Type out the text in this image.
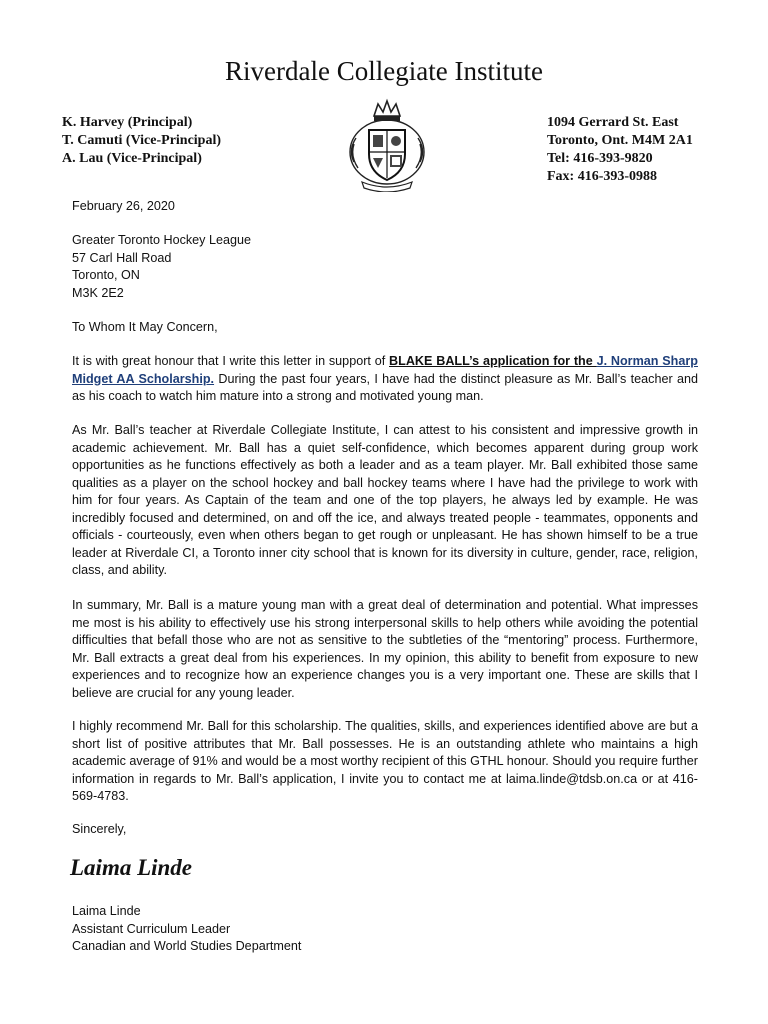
Riverdale Collegiate Institute
K. Harvey (Principal)
T. Camuti (Vice-Principal)
A. Lau (Vice-Principal)
1094 Gerrard St. East
Toronto, Ont. M4M 2A1
Tel: 416-393-9820
Fax: 416-393-0988
February 26, 2020
Greater Toronto Hockey League
57 Carl Hall Road
Toronto, ON
M3K 2E2
To Whom It May Concern,

It is with great honour that I write this letter in support of BLAKE BALL’s application for the J. Norman Sharp Midget AA Scholarship. During the past four years, I have had the distinct pleasure as Mr. Ball’s teacher and as his coach to watch him mature into a strong and motivated young man.

As Mr. Ball’s teacher at Riverdale Collegiate Institute, I can attest to his consistent and impressive growth in academic achievement. Mr. Ball has a quiet self-confidence, which becomes apparent during group work opportunities as he functions effectively as both a leader and as a team player. Mr. Ball exhibited those same qualities as a player on the school hockey and ball hockey teams where I have had the privilege to work with him for four years. As Captain of the team and one of the top players, he always led by example. He was incredibly focused and determined, on and off the ice, and always treated people - teammates, opponents and officials - courteously, even when others began to get rough or unpleasant. He has shown himself to be a true leader at Riverdale CI, a Toronto inner city school that is known for its diversity in culture, gender, race, religion, class, and ability.

In summary, Mr. Ball is a mature young man with a great deal of determination and potential. What impresses me most is his ability to effectively use his strong interpersonal skills to help others while avoiding the potential difficulties that befall those who are not as sensitive to the subtleties of the “mentoring” process. Furthermore, Mr. Ball extracts a great deal from his experiences. In my opinion, this ability to benefit from exposure to new experiences and to recognize how an experience changes you is a very important one. These are skills that I believe are crucial for any young leader.

I highly recommend Mr. Ball for this scholarship. The qualities, skills, and experiences identified above are but a short list of positive attributes that Mr. Ball possesses. He is an outstanding athlete who maintains a high academic average of 91% and would be a most worthy recipient of this GTHL honour. Should you require further information in regards to Mr. Ball’s application, I invite you to contact me at laima.linde@tdsb.on.ca or at 416-569-4783.

Sincerely,
Laima Linde
Laima Linde
Assistant Curriculum Leader
Canadian and World Studies Department
